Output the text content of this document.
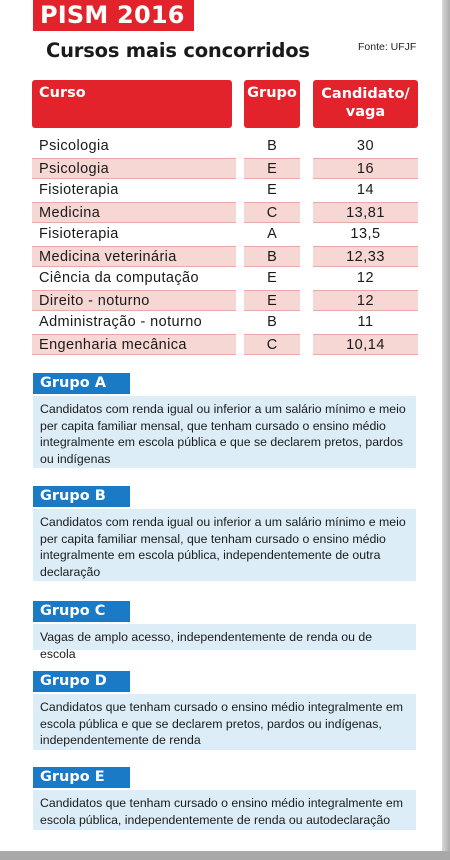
PISM 2016
Cursos mais concorridos	Fonte: UFJF
Curso	Grupo	Candidato/
vaga
Psicologia	B	30
Psicologia	E	16
Fisioterapia	E	14
Medicina	C	13,81
Fisioterapia	A	13,5
Medicina veterinária	B	12,33
Ciência da computação	E	12
Direito - noturno	E	12
Administração - noturno	B	11
Engenharia mecânica	C	10,14
Grupo A
Candidatos com renda igual ou inferior a um salário mínimo e meio
per capita familiar mensal, que tenham cursado o ensino médio
integralmente em escola pública e que se declarem pretos, pardos
ou indígenas
Grupo B
Candidatos com renda igual ou inferior a um salário mínimo e meio
per capita familiar mensal, que tenham cursado o ensino médio
integralmente em escola pública, independentemente de outra
declaração
Grupo C
Vagas de amplo acesso, independentemente de renda ou de escola
Grupo D
Candidatos que tenham cursado o ensino médio integralmente em
escola pública e que se declarem pretos, pardos ou indígenas,
independentemente de renda
Grupo E
Candidatos que tenham cursado o ensino médio integralmente em
escola pública, independentemente de renda ou autodeclaração
